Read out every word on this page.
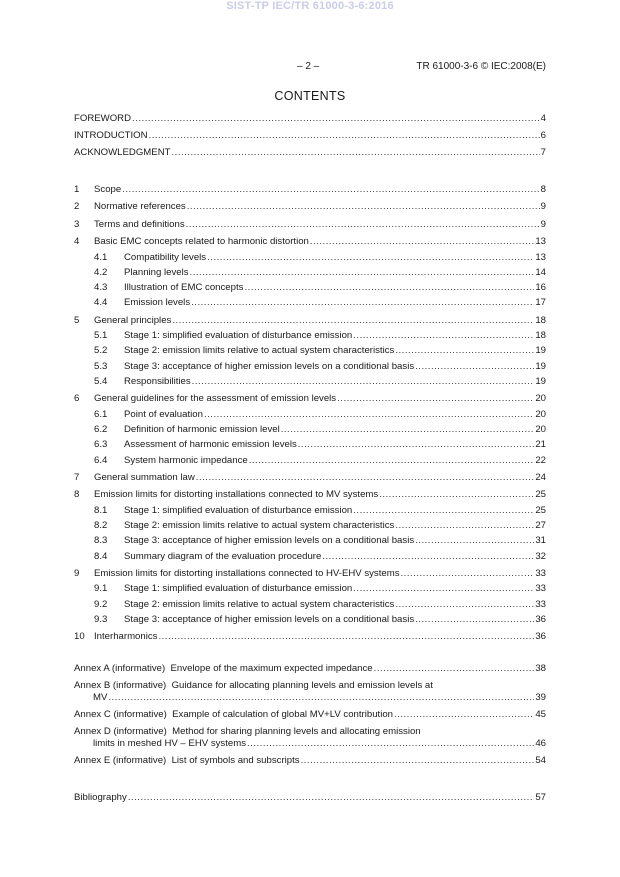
SIST-TP IEC/TR 61000-3-6:2016
– 2 –	TR 61000-3-6 © IEC:2008(E)
CONTENTS
FOREWORD .....	4
INTRODUCTION .....	6
ACKNOWLEDGMENT .....	7
1 Scope .....	8
2 Normative references .....	9
3 Terms and definitions .....	9
4 Basic EMC concepts related to harmonic distortion .....	13
4.1 Compatibility levels .....	13
4.2 Planning levels .....	14
4.3 Illustration of EMC concepts .....	16
4.4 Emission levels .....	17
5 General principles .....	18
5.1 Stage 1: simplified evaluation of disturbance emission .....	18
5.2 Stage 2: emission limits relative to actual system characteristics .....	19
5.3 Stage 3: acceptance of higher emission levels on a conditional basis .....	19
5.4 Responsibilities .....	19
6 General guidelines for the assessment of emission levels .....	20
6.1 Point of evaluation .....	20
6.2 Definition of harmonic emission level .....	20
6.3 Assessment of harmonic emission levels .....	21
6.4 System harmonic impedance .....	22
7 General summation law .....	24
8 Emission limits for distorting installations connected to MV systems .....	25
8.1 Stage 1: simplified evaluation of disturbance emission .....	25
8.2 Stage 2: emission limits relative to actual system characteristics .....	27
8.3 Stage 3: acceptance of higher emission levels on a conditional basis .....	31
8.4 Summary diagram of the evaluation procedure .....	32
9 Emission limits for distorting installations connected to HV-EHV systems .....	33
9.1 Stage 1: simplified evaluation of disturbance emission .....	33
9.2 Stage 2: emission limits relative to actual system characteristics .....	33
9.3 Stage 3: acceptance of higher emission levels on a conditional basis .....	36
10 Interharmonics .....	36
Annex A (informative) Envelope of the maximum expected impedance .....	38
Annex B (informative) Guidance for allocating planning levels and emission levels at
MV .....	39
Annex C (informative) Example of calculation of global MV+LV contribution .....	45
Annex D (informative) Method for sharing planning levels and allocating emission
limits in meshed HV – EHV systems .....	46
Annex E (informative) List of symbols and subscripts .....	54
Bibliography .....	57
